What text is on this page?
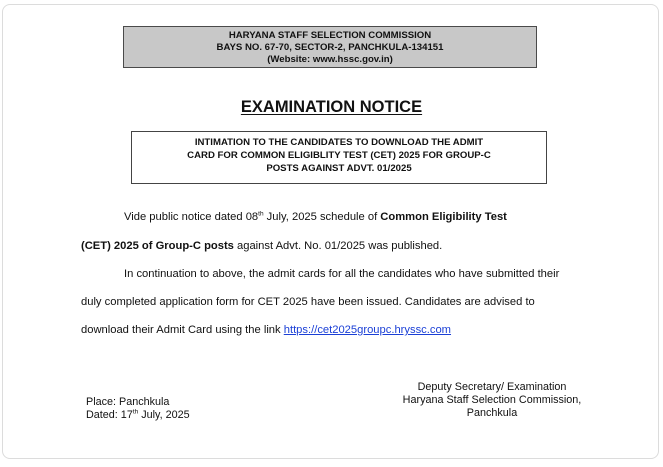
HARYANA STAFF SELECTION COMMISSION
BAYS NO. 67-70, SECTOR-2, PANCHKULA-134151
(Website: www.hssc.gov.in)
EXAMINATION NOTICE
INTIMATION TO THE CANDIDATES TO DOWNLOAD THE ADMIT
CARD FOR COMMON ELIGIBLITY TEST (CET) 2025 FOR GROUP-C
POSTS AGAINST ADVT. 01/2025
Vide public notice dated 08th July, 2025 schedule of Common Eligibility Test
(CET) 2025 of Group-C posts against Advt. No. 01/2025 was published.
In continuation to above, the admit cards for all the candidates who have submitted their
duly completed application form for CET 2025 have been issued. Candidates are advised to
download their Admit Card using the link https://cet2025groupc.hryssc.com
Place: Panchkula
Dated: 17th July, 2025
Deputy Secretary/ Examination
Haryana Staff Selection Commission,
Panchkula
